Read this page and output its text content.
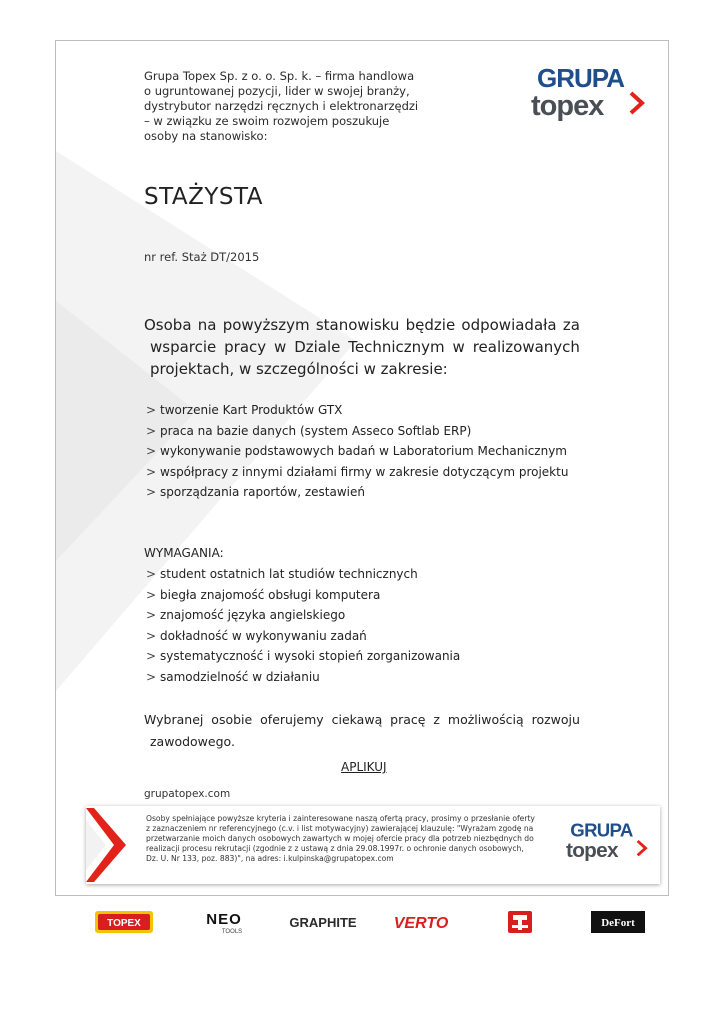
Grupa Topex Sp. z o. o. Sp. k. – firma handlowa
o ugruntowanej pozycji, lider w swojej branży,
dystrybutor narzędzi ręcznych i elektronarzędzi
– w związku ze swoim rozwojem poszukuje
osoby na stanowisko:
GRUPA
topex
STAŻYSTA
nr ref. Staż DT/2015
Osoba na powyższym stanowisku będzie odpowiadała za
wsparcie pracy w Dziale Technicznym w realizowanych
projektach, w szczególności w zakresie:
> tworzenie Kart Produktów GTX
> praca na bazie danych (system Asseco Softlab ERP)
> wykonywanie podstawowych badań w Laboratorium Mechanicznym
> współpracy z innymi działami firmy w zakresie dotyczącym projektu
> sporządzania raportów, zestawień
WYMAGANIA:
> student ostatnich lat studiów technicznych
> biegła znajomość obsługi komputera
> znajomość języka angielskiego
> dokładność w wykonywaniu zadań
> systematyczność i wysoki stopień zorganizowania
> samodzielność w działaniu
Wybranej osobie oferujemy ciekawą pracę z możliwością rozwoju
zawodowego.
APLIKUJ
grupatopex.com
Osoby spełniające powyższe kryteria i zainteresowane naszą ofertą pracy, prosimy o przesłanie oferty
z zaznaczeniem nr referencyjnego (c.v. i list motywacyjny) zawierającej klauzulę: "Wyrażam zgodę na
przetwarzanie moich danych osobowych zawartych w mojej ofercie pracy dla potrzeb niezbędnych do
realizacji procesu rekrutacji (zgodnie z z ustawą z dnia 29.08.1997r. o ochronie danych osobowych,
Dz. U. Nr 133, poz. 883)", na adres: i.kulpinska@grupatopex.com
GRUPA
topex
TOPEX	NEO
TOOLS
GRAPHITE VERTO	DeFort
